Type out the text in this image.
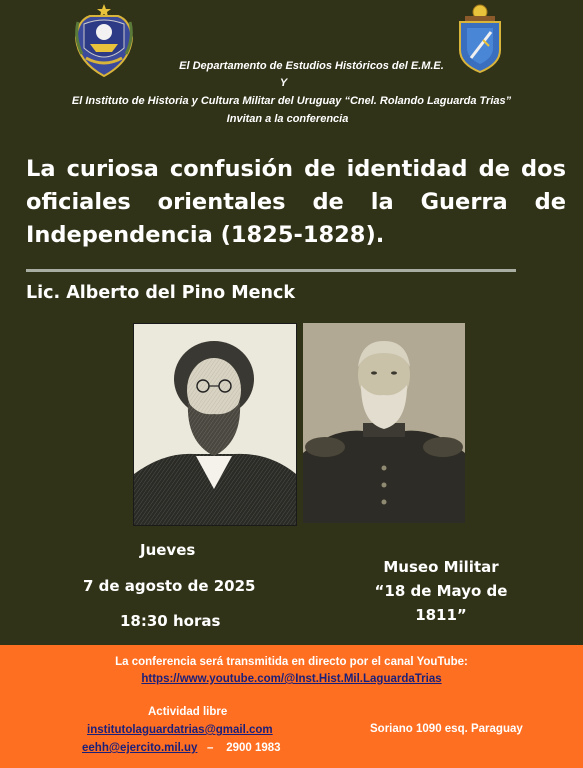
El Departamento de Estudios Históricos del E.M.E.
Y
El Instituto de Historia y Cultura Militar del Uruguay “Cnel. Rolando Laguarda Trias”
Invitan a la conferencia
La curiosa confusión de identidad de dos oficiales orientales de la Guerra de Independencia (1825-1828).
Lic. Alberto del Pino Menck
Jueves
7 de agosto de 2025
18:30 horas
Museo Militar
“18 de Mayo de 1811”
La conferencia será transmitida en directo por el canal YouTube:
https://www.youtube.com/@Inst.Hist.Mil.LaguardaTrias
Actividad libre
institutolaguardatrias@gmail.com
eehh@ejercito.mil.uy – 2900 1983
Soriano 1090 esq. Paraguay
